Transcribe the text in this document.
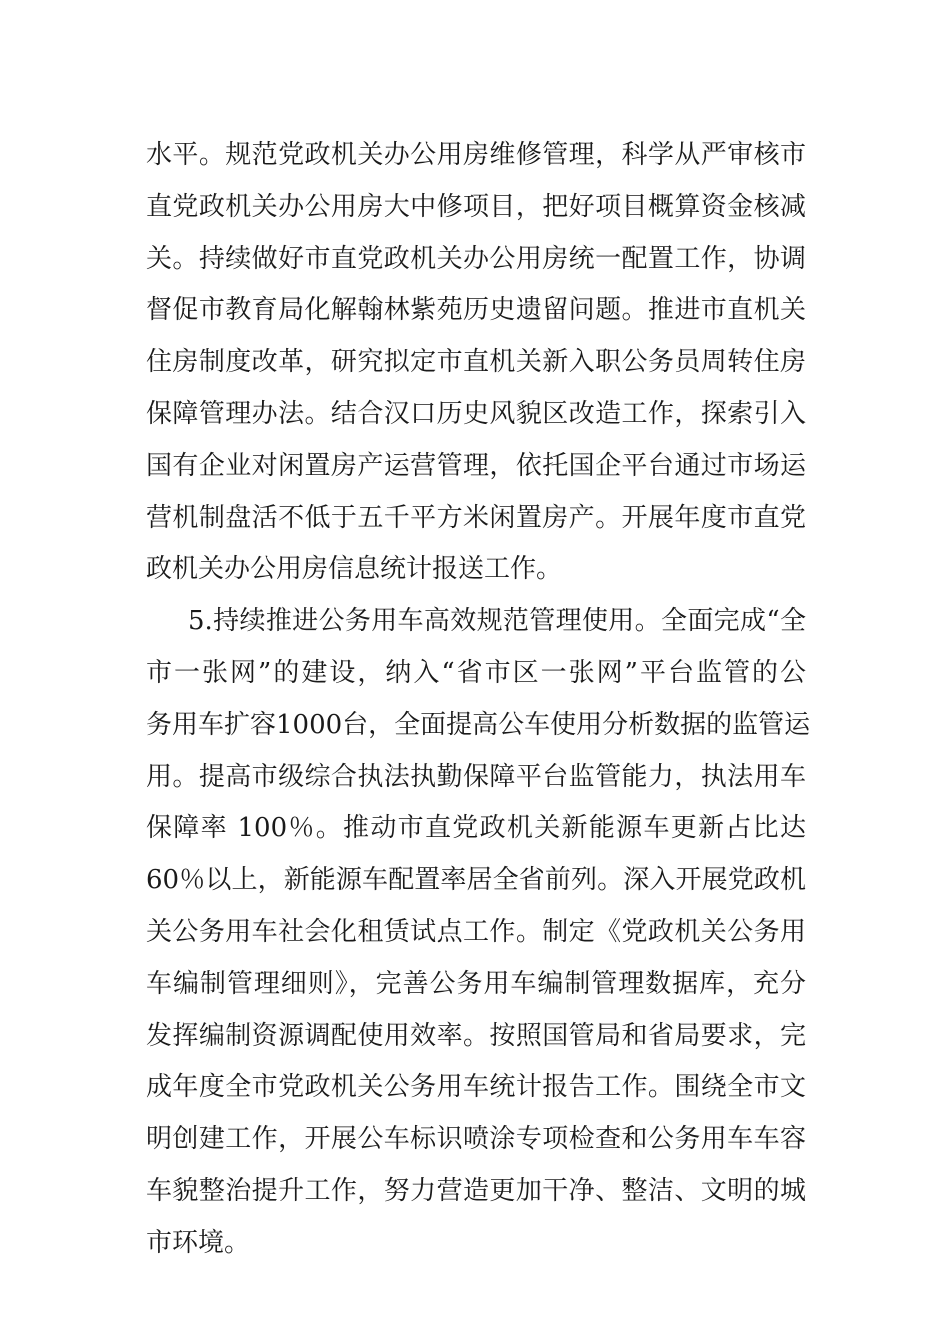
水平。规范党政机关办公用房维修管理，科学从严审核市
直党政机关办公用房大中修项目，把好项目概算资金核减
关。持续做好市直党政机关办公用房统一配置工作，协调
督促市教育局化解翰林紫苑历史遗留问题。推进市直机关
住房制度改革，研究拟定市直机关新入职公务员周转住房
保障管理办法。结合汉口历史风貌区改造工作，探索引入
国有企业对闲置房产运营管理，依托国企平台通过市场运
营机制盘活不低于五千平方米闲置房产。开展年度市直党
政机关办公用房信息统计报送工作。
5.持续推进公务用车高效规范管理使用。全面完成“全
市一张网”的建设，纳入“省市区一张网”平台监管的公
务用车扩容1000台，全面提高公车使用分析数据的监管运
用。提高市级综合执法执勤保障平台监管能力，执法用车
保障率 100％。推动市直党政机关新能源车更新占比达
60％以上，新能源车配置率居全省前列。深入开展党政机
关公务用车社会化租赁试点工作。制定《党政机关公务用
车编制管理细则》，完善公务用车编制管理数据库，充分
发挥编制资源调配使用效率。按照国管局和省局要求，完
成年度全市党政机关公务用车统计报告工作。围绕全市文
明创建工作，开展公车标识喷涂专项检查和公务用车车容
车貌整治提升工作，努力营造更加干净、整洁、文明的城
市环境。
